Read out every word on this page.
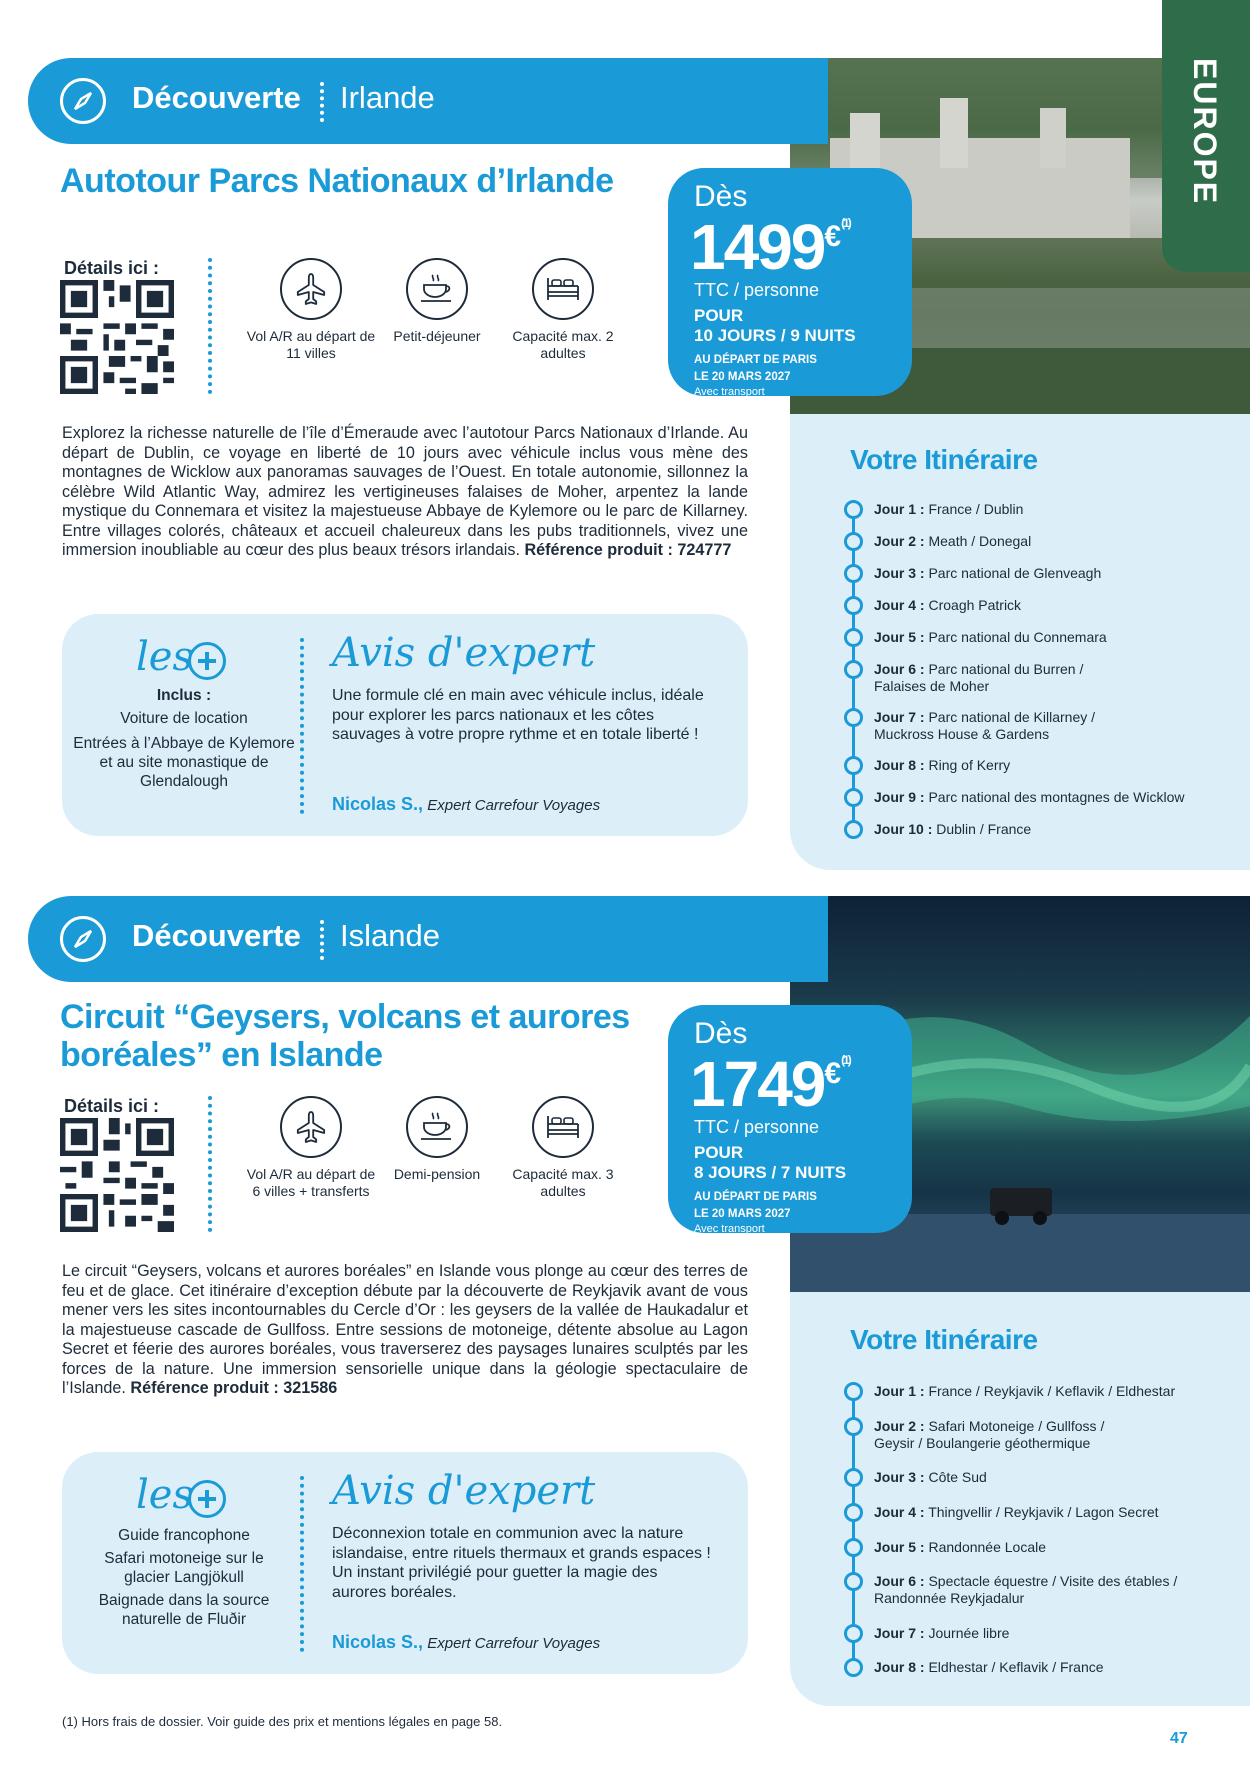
Découverte Irlande
Autotour Parcs Nationaux d’Irlande
Détails ici :
Vol A/R au départ de 11 villes
Petit-déjeuner	Capacité max. 2 adultes
Dès
$1499^{€(1)}$
TTC / personne
POUR
10 JOURS / 9 NUITS
AU DÉPART DE PARIS
LE 20 MARS 2027
Avec transport
Explorez la richesse naturelle de l’île d’Émeraude avec l’autotour Parcs Nationaux d’Irlande. Au départ de Dublin, ce voyage en liberté de 10 jours avec véhicule inclus vous mène des montagnes de Wicklow aux panoramas sauvages de l’Ouest. En totale autonomie, sillonnez la célèbre Wild Atlantic Way, admirez les vertigineuses falaises de Moher, arpentez la lande mystique du Connemara et visitez la majestueuse Abbaye de Kylemore ou le parc de Killarney. Entre villages colorés, châteaux et accueil chaleureux dans les pubs traditionnels, vivez une immersion inoubliable au cœur des plus beaux trésors irlandais. Référence produit : 724777
les
Inclus :
Voiture de location
Entrées à l’Abbaye de Kylemore et au site monastique de Glendalough
Avis d'expert
Une formule clé en main avec véhicule inclus, idéale pour explorer les parcs nationaux et les côtes sauvages à votre propre rythme et en totale liberté !
Nicolas S., Expert Carrefour Voyages
Votre Itinéraire
Jour 1 : France / Dublin
Jour 2 : Meath / Donegal
Jour 3 : Parc national de Glenveagh
Jour 4 : Croagh Patrick
Jour 5 : Parc national du Connemara
Jour 6 : Parc national du Burren / Falaises de Moher
Jour 7 : Parc national de Killarney / Muckross House & Gardens
Jour 8 : Ring of Kerry
Jour 9 : Parc national des montagnes de Wicklow
Jour 10 : Dublin / France
Découverte Islande
Circuit “Geysers, volcans et aurores
boréales” en Islande
Détails ici :
Vol A/R au départ de 6 villes + transferts
Demi-pension	Capacité max. 3 adultes
Dès
$1749^{€(1)}$
TTC / personne
POUR
8 JOURS / 7 NUITS
AU DÉPART DE PARIS
LE 20 MARS 2027
Avec transport
Le circuit “Geysers, volcans et aurores boréales” en Islande vous plonge au cœur des terres de feu et de glace. Cet itinéraire d’exception débute par la découverte de Reykjavik avant de vous mener vers les sites incontournables du Cercle d’Or : les geysers de la vallée de Haukadalur et la majestueuse cascade de Gullfoss. Entre sessions de motoneige, détente absolue au Lagon Secret et féerie des aurores boréales, vous traverserez des paysages lunaires sculptés par les forces de la nature. Une immersion sensorielle unique dans la géologie spectaculaire de l’Islande. Référence produit : 321586
les
Guide francophone
Safari motoneige sur le glacier Langjökull
Baignade dans la source naturelle de Fluðir
Avis d'expert
Déconnexion totale en communion avec la nature islandaise, entre rituels thermaux et grands espaces ! Un instant privilégié pour guetter la magie des aurores boréales.
Nicolas S., Expert Carrefour Voyages
Votre Itinéraire
Jour 1 : France / Reykjavik / Keflavik / Eldhestar
Jour 2 : Safari Motoneige / Gullfoss / Geysir / Boulangerie géothermique
Jour 3 : Côte Sud
Jour 4 : Thingvellir / Reykjavik / Lagon Secret
Jour 5 : Randonnée Locale
Jour 6 : Spectacle équestre / Visite des étables / Randonnée Reykjadalur
Jour 7 : Journée libre
Jour 8 : Eldhestar / Keflavik / France
EUROPE
(1) Hors frais de dossier. Voir guide des prix et mentions légales en page 58.
47
